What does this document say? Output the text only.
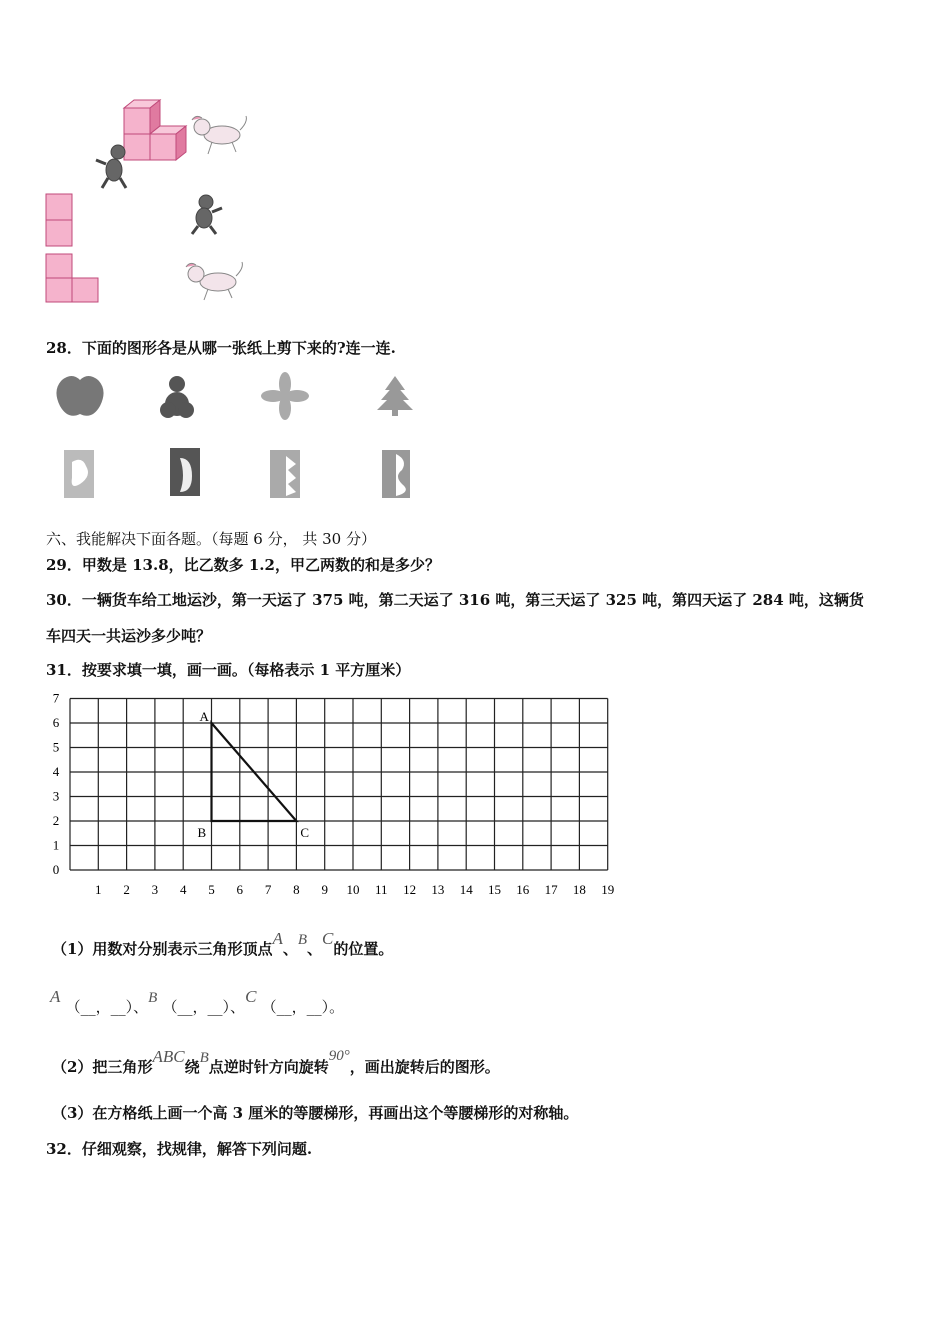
28．下面的图形各是从哪一张纸上剪下来的?连一连.
六、我能解决下面各题。（每题 6 分， 共 30 分）
29．甲数是 13.8，比乙数多 1.2，甲乙两数的和是多少？
30．一辆货车给工地运沙，第一天运了 375 吨，第二天运了 316 吨，第三天运了 325 吨，第四天运了 284 吨，这辆货
车四天一共运沙多少吨？
31．按要求填一填，画一画。（每格表示 1 平方厘米）
0
1
2
3
4
5
6
7
1 2 3 4 5 6 7 8 9 10 11 12 13 14 15 16 17 18 19
A
B	C
（1）用数对分别表示三角形顶点A、B、C的位置。
A （__，__）、B （__，__）、C （__，__）。
（2）把三角形ABC绕B点逆时针方向旋转90°，画出旋转后的图形。
（3）在方格纸上画一个高 3 厘米的等腰梯形，再画出这个等腰梯形的对称轴。
32．仔细观察，找规律，解答下列问题.
